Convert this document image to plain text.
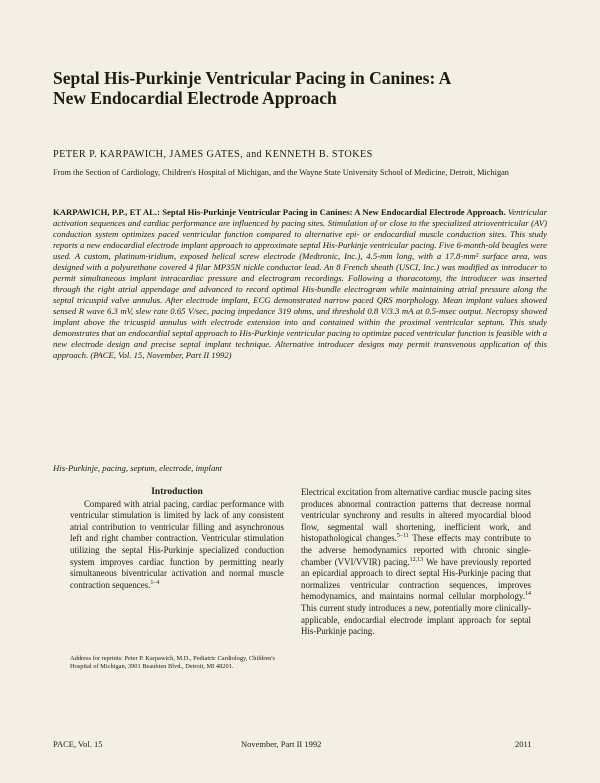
Septal His-Purkinje Ventricular Pacing in Canines: A New Endocardial Electrode Approach

PETER P. KARPAWICH, JAMES GATES, and KENNETH B. STOKES

From the Section of Cardiology, Children's Hospital of Michigan, and the Wayne State University School of Medicine, Detroit, Michigan

KARPAWICH, P.P., ET AL.: Septal His-Purkinje Ventricular Pacing in Canines: A New Endocardial Electrode Approach. Ventricular activation sequences and cardiac performance are influenced by pacing sites. Stimulation of or close to the specialized atrioventricular (AV) conduction system optimizes paced ventricular function compared to alternative epi- or endocardial muscle conduction sites. This study reports a new endocardial electrode implant approach to approximate septal His-Purkinje ventricular pacing. Five 6-month-old beagles were used. A custom, platinum-iridium, exposed helical screw electrode (Medtronic, Inc.), 4.5-mm long, with a 17.8-mm² surface area, was designed with a polyurethane covered 4 filar MP35N nickle conductor lead. An 8 French sheath (USCI, Inc.) was modified as introducer to permit simultaneous implant intracardiac pressure and electrogram recordings. Following a thoracotomy, the introducer was inserted through the right atrial appendage and advanced to record optimal His-bundle electrogram while maintaining atrial pressure along the septal tricuspid valve annulus. After electrode implant, ECG demonstrated narrow paced QRS morphology. Mean implant values showed sensed R wave 6.3 mV, slew rate 0.65 V/sec, pacing impedance 319 ohms, and threshold 0.8 V/3.3 mA at 0.5-msec output. Necropsy showed implant above the tricuspid annulus with electrode extension into and contained within the proximal ventricular septum. This study demonstrates that an endocardial septal approach to His-Purkinje ventricular pacing to optimize paced ventricular function is feasible with a new electrode design and precise septal implant technique. Alternative introducer designs may permit transvenous application of this approach. (PACE, Vol. 15, November, Part II 1992)

His-Purkinje, pacing, septum, electrode, implant

Introduction

Compared with atrial pacing, cardiac performance with ventricular stimulation is limited by lack of any consistent atrial contribution to ventricular filling and asynchronous left and right chamber contraction. Ventricular stimulation utilizing the septal His-Purkinje specialized conduction system improves cardiac function by permitting nearly simultaneous biventricular activation and normal muscle contraction sequences.$^{1-4}$

Electrical excitation from alternative cardiac muscle pacing sites produces abnormal contraction patterns that decrease normal ventricular synchrony and results in altered myocardial blood flow, segmental wall shortening, inefficient work, and histopathological changes.$^{5-11}$ These effects may contribute to the adverse hemodynamics reported with chronic single-chamber (VVI/VVIR) pacing.$^{12,13}$ We have previously reported an epicardial approach to direct septal His-Purkinje pacing that normalizes ventricular contraction sequences, improves hemodynamics, and maintains normal cellular morphology.$^{14}$ This current study introduces a new, potentially more clinically-applicable, endocardial electrode implant approach for septal His-Purkinje pacing.

Address for reprints: Peter P. Karpawich, M.D., Pediatric Cardiology, Children's Hospital of Michigan, 3901 Beaubien Blvd., Detroit, MI 48201.

PACE, Vol. 15	November, Part II 1992	2011
